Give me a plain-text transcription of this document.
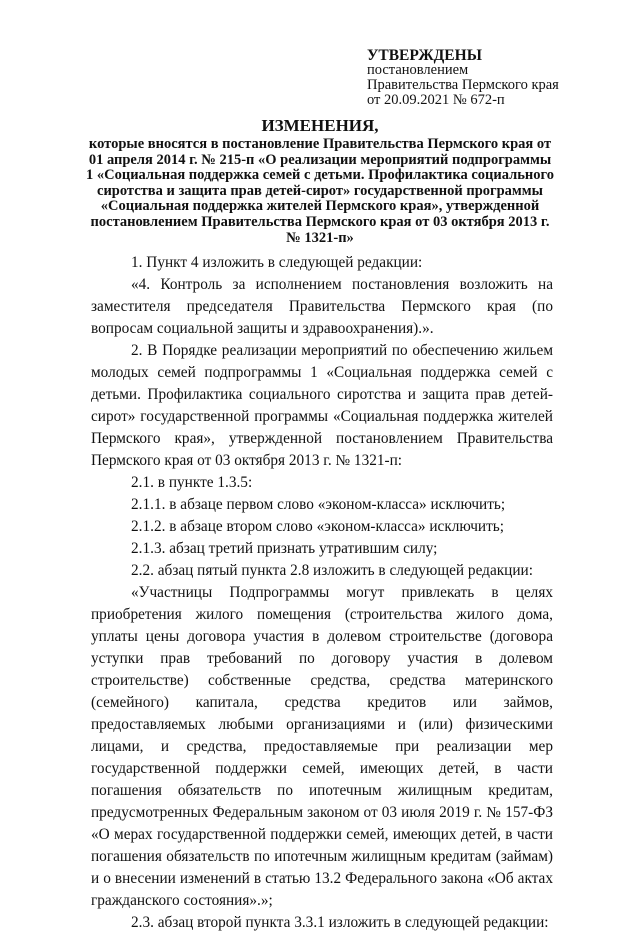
УТВЕРЖДЕНЫ
постановлением
Правительства Пермского края
от 20.09.2021 № 672-п
ИЗМЕНЕНИЯ,
которые вносятся в постановление Правительства Пермского края от 01 апреля 2014 г. № 215-п «О реализации мероприятий подпрограммы 1 «Социальная поддержка семей с детьми. Профилактика социального сиротства и защита прав детей-сирот» государственной программы «Социальная поддержка жителей Пермского края», утвержденной постановлением Правительства Пермского края от 03 октября 2013 г. № 1321-п»

1. Пункт 4 изложить в следующей редакции:

«4. Контроль за исполнением постановления возложить на заместителя председателя Правительства Пермского края (по вопросам социальной защиты и здравоохранения).».

2. В Порядке реализации мероприятий по обеспечению жильем молодых семей подпрограммы 1 «Социальная поддержка семей с детьми. Профилактика социального сиротства и защита прав детей-сирот» государственной программы «Социальная поддержка жителей Пермского края», утвержденной постановлением Правительства Пермского края от 03 октября 2013 г. № 1321-п:

2.1. в пункте 1.3.5:

2.1.1. в абзаце первом слово «эконом-класса» исключить;

2.1.2. в абзаце втором слово «эконом-класса» исключить;

2.1.3. абзац третий признать утратившим силу;

2.2. абзац пятый пункта 2.8 изложить в следующей редакции:

«Участницы Подпрограммы могут привлекать в целях приобретения жилого помещения (строительства жилого дома, уплаты цены договора участия в долевом строительстве (договора уступки прав требований по договору участия в долевом строительстве) собственные средства, средства материнского (семейного) капитала, средства кредитов или займов, предоставляемых любыми организациями и (или) физическими лицами, и средства, предоставляемые при реализации мер государственной поддержки семей, имеющих детей, в части погашения обязательств по ипотечным жилищным кредитам, предусмотренных Федеральным законом от 03 июля 2019 г. № 157-ФЗ «О мерах государственной поддержки семей, имеющих детей, в части погашения обязательств по ипотечным жилищным кредитам (займам) и о внесении изменений в статью 13.2 Федерального закона «Об актах гражданского состояния».»;

2.3. абзац второй пункта 3.3.1 изложить в следующей редакции:
